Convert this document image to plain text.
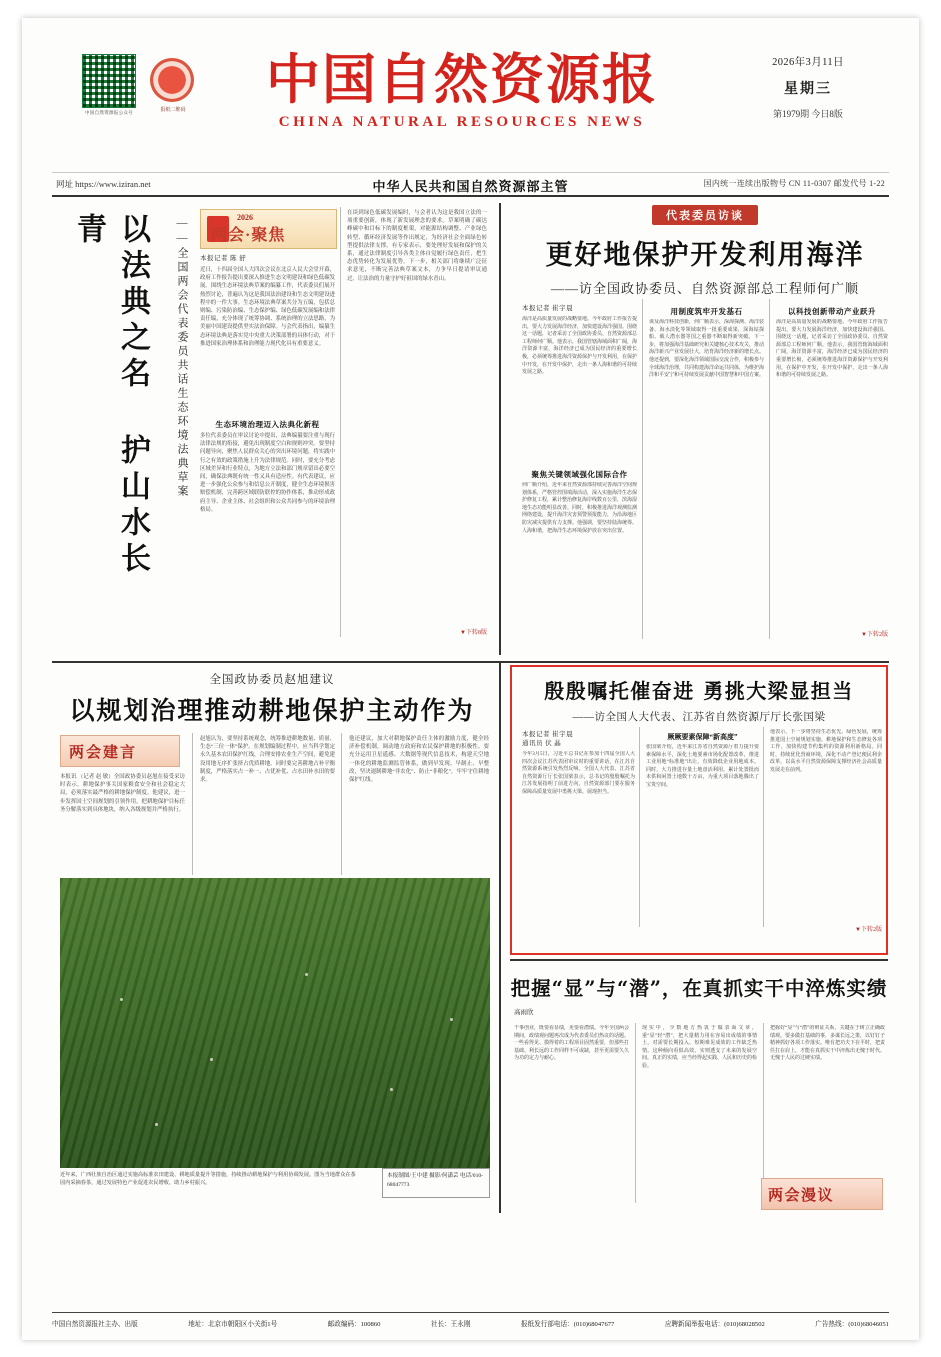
中国自然资源报公众号	报纸二维码	中国自然资源报
CHINA NATURAL RESOURCES NEWS
2026年3月11日
星期三
第1979期 今日8版
网址 https://www.iziran.net	中华人民共和国自然资源部主管	国内统一连续出版物号 CN 11-0307 邮发代号 1-22
以法典之名 护山水长青	——全国两会代表委员共话生态环境法典草案	2026
两会·聚焦
本报记者 陈 舒
近日，十四届全国人大四次会议在北京人民大会堂开幕，政府工作报告提出要深入推进生态文明建设和绿色低碳发展。围绕生态环境法典草案的编纂工作，代表委员们展开热烈讨论，普遍认为这是我国法治建设和生态文明建设进程中的一件大事。生态环境法典草案共分为五编，包括总则编、污染防治编、生态保护编、绿色低碳发展编和法律责任编，充分体现了统筹协调、系统治理的立法思路，为美丽中国建设提供坚实法治保障。与会代表指出，编纂生态环境法典是落实党中央重大决策部署的具体行动，对于推进国家治理体系和治理能力现代化具有重要意义。
生态环境治理迈入法典化新程
多位代表委员在审议讨论中提出，法典编纂要注重与现行法律法规的衔接，避免出现制度空白和规则冲突。要坚持问题导向，聚焦人民群众关心的突出环境问题，将实践中行之有效的政策措施上升为法律规范。同时，要充分考虑区域差异和行业特点，为地方立法和部门规章留出必要空间，确保法典既有统一性又具有适应性。有代表建议，应进一步强化公众参与和信息公开制度，健全生态环境损害赔偿机制，完善跨区域联防联控的协作体系，推动形成政府主导、企业主体、社会组织和公众共同参与的环境治理格局。
在谈到绿色低碳发展编时，与会者认为这是我国立法的一项重要创新，体现了新发展理念的要求。草案明确了碳达峰碳中和目标下的制度框架，对能源结构调整、产业绿色转型、循环经济发展等作出规定，为经济社会全面绿色转型提供法律支撑。有专家表示，要处理好发展和保护的关系，通过法律制度引导各类主体自觉履行绿色责任，把生态优势转化为发展优势。下一步，相关部门将继续广泛征求意见，不断完善法典草案文本，力争早日提请审议通过，让法治的力量守护好祖国的绿水青山。
▼下转8版
代表委员访谈
更好地保护开发利用海洋
——访全国政协委员、自然资源部总工程师何广顺
本报记者 崔宇晨
海洋是高质量发展的战略要地。今年政府工作报告提出，要大力发展海洋经济，加快建设海洋强国。围绕这一话题，记者采访了全国政协委员、自然资源部总工程师何广顺。他表示，我国管辖海域面积广阔，海洋资源丰富，海洋经济已成为国民经济的重要增长极，必须统筹推进海洋资源保护与开发利用，在保护中开发，在开发中保护，走出一条人海和谐的可持续发展之路。
聚焦关键领域强化国际合作
何广顺介绍，近年来自然资源部持续完善海洋空间规划体系，严格管控围填海活动，深入实施海洋生态保护修复工程，累计整治修复海岸线数百公里，滨海湿地生态功能明显改善。同时，积极推进海洋观测监测网络建设，提升海洋灾害预警预报能力，为沿海地区防灾减灾提供有力支撑。他强调，要坚持陆海统筹、人海和谐，把海洋生态环境保护放在突出位置。
用制度筑牢开发基石
谈及海洋科技创新，何广顺表示，深海探测、海洋装备、海水淡化等领域取得一批重要成果，深海钻探船、载人潜水器等国之重器不断取得新突破。下一步，将加强海洋基础研究和关键核心技术攻关，推动海洋新兴产业发展壮大，培育海洋经济新的增长点。他还提到，要深化海洋领域国际交流合作，积极参与全球海洋治理，共同构建海洋命运共同体，为维护海洋和平安宁和可持续发展贡献中国智慧和中国方案。
以科技创新带动产业跃升
海洋是高质量发展的战略要地。今年政府工作报告提出，要大力发展海洋经济，加快建设海洋强国。围绕这一话题，记者采访了全国政协委员、自然资源部总工程师何广顺。他表示，我国管辖海域面积广阔，海洋资源丰富，海洋经济已成为国民经济的重要增长极，必须统筹推进海洋资源保护与开发利用，在保护中开发，在开发中保护，走出一条人海和谐的可持续发展之路。
▼下转2版
全国政协委员赵旭建议
以规划治理推动耕地保护主动作为
两会建言
本报讯 （记者 赵 敏）全国政协委员赵旭在接受采访时表示，耕地保护事关国家粮食安全和社会稳定大局，必须落实最严格的耕地保护制度。他建议，进一步发挥国土空间规划的引领作用，把耕地保护目标任务分解落实到具体地块，纳入各级规划并严格执行。
赵旭认为，要坚持系统观念，统筹推进耕地数量、质量、生态“三位一体”保护。在规划编制过程中，应当科学划定永久基本农田保护红线，合理安排农业生产空间，避免建设用地无序扩张挤占优质耕地。同时要完善耕地占补平衡制度，严格落实占一补一、占优补优、占水田补水田的要求。
他还建议，加大对耕地保护责任主体的激励力度，健全经济补偿机制，调动地方政府和农民保护耕地的积极性。要充分运用卫星遥感、大数据等现代信息技术，构建天空地一体化的耕地监测监管体系，做到早发现、早制止、早整改，坚决遏制耕地“非农化”、防止“非粮化”，牢牢守住耕地保护红线。
近年来，广西壮族自治区通过实施高标准农田建设、耕地质量提升等措施，持续推动耕地保护与利用协调发展。图为当地群众在茶园内采摘春茶，通过发展特色产业促进农民增收、助力乡村振兴。
本报制图/王中建 摄影/何潇芸 电话/010-68047773
殷殷嘱托催奋进 勇挑大梁显担当
——访全国人大代表、江苏省自然资源厅厅长张国梁
本报记者 崔宇晨
通讯员 伏 晶
今年3月5日，习近平总书记在参加十四届全国人大四次会议江苏代表团审议时的重要讲话，在江苏自然资源系统引发热烈反响。全国人大代表、江苏省自然资源厅厅长张国梁表示，总书记的殷殷嘱托为江苏发展指明了前进方向，自然资源部门要在服务保障高质量发展中勇挑大梁、展现担当。
厥厥要素保障“新高度”
张国梁介绍，近年来江苏省自然资源厅着力提升要素保障水平，深化土地要素市场化配置改革，推进工业用地“标准地”出让，有效降低企业用地成本。同时，大力推进存量土地盘活利用，累计处置批而未供和闲置土地数十万亩，为重大项目落地腾出了宝贵空间。
他表示，下一步将坚持生态优先、绿色发展，统筹推进国土空间规划实施、耕地保护和生态修复各项工作，加快构建节约集约的资源利用新格局。同时，持续优化营商环境，深化不动产登记便民利企改革，以高水平自然资源保障支撑经济社会高质量发展走在前列。
▼下转2版
把握“显”与“潜”，在真抓实干中淬炼实绩
高雨欣
干事创业，既要看显绩，更要看潜绩。今年全国两会期间，政绩观问题再次成为代表委员们热议的话题。一些看得见、摸得着的工程项目固然重要，但那些打基础、利长远的工作同样不可或缺，甚至更需要久久为功的定力与耐心。
现实中，少数地方热衷于做表面文章，重“显”轻“潜”，把大量精力用在容易出成绩的事情上，对需要长期投入、短期难见成效的工作缺乏热情。这种倾向看似高效，实则透支了未来的发展空间。真正的实绩，应当经得起实践、人民和历史的检验。
把握好“显”与“潜”的辩证关系，关键在于树立正确政绩观。要多做打基础的事，多谋长远之策，以钉钉子精神抓好各项工作落实。唯有把功夫下在平时，把责任扛在肩上，才能在真抓实干中淬炼出无愧于时代、无愧于人民的过硬实绩。
两会漫议
中国自然资源报社主办、出版	地址：北京市朝阳区小关街1号	邮政编码：100860	社长：王永刚	报纸发行部电话：(010)68047677	应聘新闻举报电话：(010)68028502	广告热线：(010)68046051
